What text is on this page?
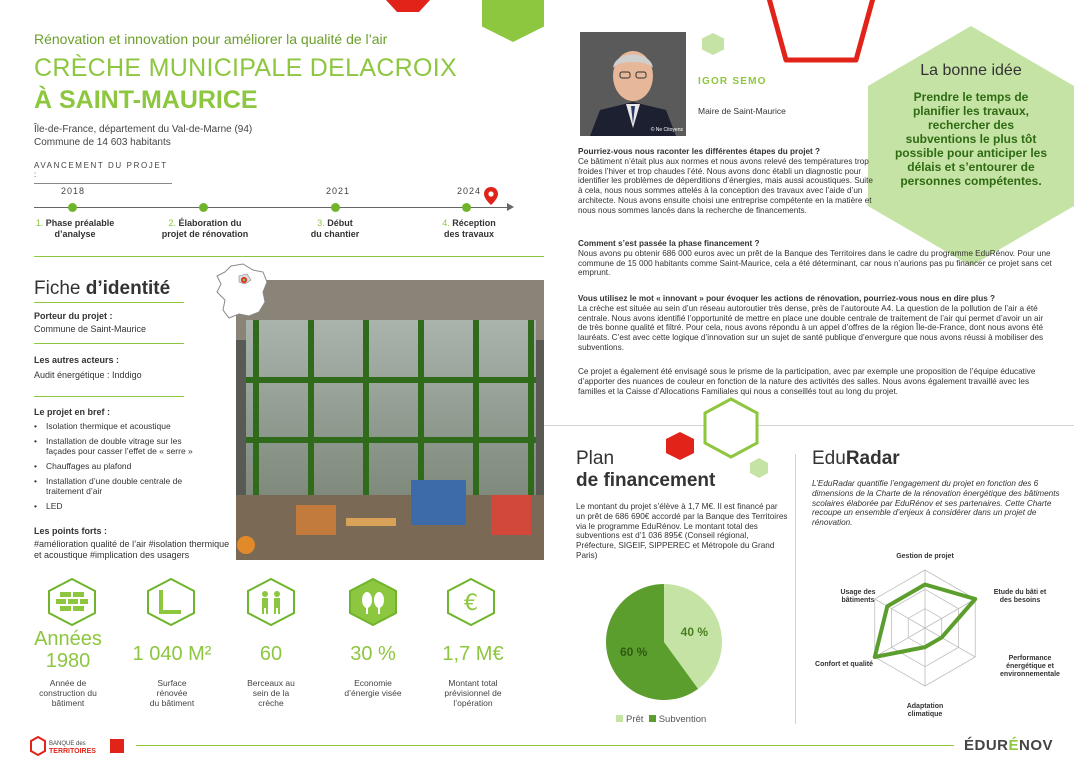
Rénovation et innovation pour améliorer la qualité de l’air
CRÈCHE MUNICIPALE DELACROIX
À SAINT-MAURICE
Île-de-France, département du Val-de-Marne (94)
Commune de 14 603 habitants
AVANCEMENT DU PROJET :
2018	2021	2024
1. Phase préalable
d’analyse
2. Élaboration du
projet de rénovation
3. Début
du chantier
4. Réception
des travaux
Fiche d’identité
Porteur du projet :
Commune de Saint-Maurice
Les autres acteurs :
Audit énergétique : Inddigo
Le projet en bref :
• Isolation thermique et acoustique
• Installation de double vitrage sur les façades pour casser l’effet de « serre »
• Chauffages au plafond
• Installation d’une double centrale de traitement d’air
• LED
Les points forts :
#amélioration qualité de l’air #isolation thermique et acoustique #implication des usagers
€
Années
1980
Année de
construction du
bâtiment
1 040 M²
Surface
rénovée
du bâtiment
60
Berceaux au
sein de la
crèche
30 %
Economie
d’énergie visée
1,7 M€
Montant total
prévisionnel de
l’opération
© Ne Citoyens
IGOR SEMO
Maire de Saint-Maurice
La bonne idée
Prendre le temps de planifier les travaux, rechercher des subventions le plus tôt possible pour anticiper les délais et s’entourer de personnes compétentes.
Pourriez-vous nous raconter les différentes étapes du projet ?
Ce bâtiment n’était plus aux normes et nous avons relevé des températures trop froides l’hiver et trop chaudes l’été. Nous avons donc établi un diagnostic pour identifier les problèmes de déperditions d’énergies, mais aussi acoustiques. Suite à cela, nous nous sommes attelés à la conception des travaux avec l’aide d’un architecte. Nous avons ensuite choisi une entreprise compétente en la matière et nous nous sommes lancés dans la recherche de financements.
Comment s’est passée la phase financement ?
Nous avons pu obtenir 686 000 euros avec un prêt de la Banque des Territoires dans le cadre du programme EduRénov. Pour une commune de 15 000 habitants comme Saint-Maurice, cela a été déterminant, car nous n’aurions pas pu financer ce projet sans cet emprunt.
Vous utilisez le mot « innovant » pour évoquer les actions de rénovation, pourriez-vous nous en dire plus ?
La crèche est située au sein d’un réseau autoroutier très dense, près de l’autoroute A4. La question de la pollution de l’air a été centrale. Nous avons identifié l’opportunité de mettre en place une double centrale de traitement de l’air qui permet d’avoir un air de très bonne qualité et filtré. Pour cela, nous avons répondu à un appel d’offres de la région Île-de-France, dont nous avons été lauréats. C’est avec cette logique d’innovation sur un sujet de santé publique d’envergure que nous avons réussi à mobiliser des subventions.
Ce projet a également été envisagé sous le prisme de la participation, avec par exemple une proposition de l’équipe éducative d’apporter des nuances de couleur en fonction de la nature des activités des salles. Nous avons également travaillé avec les familles et la Caisse d’Allocations Familiales qui nous a conseillés tout au long du projet.
Plan
de financement
Le montant du projet s’élève à 1,7 M€. Il est financé par un prêt de 686 690€ accordé par la Banque des Territoires via le programme EduRénov. Le montant total des subventions est d’1 036 895€ (Conseil régional, Préfecture, SIGEIF, SIPPEREC et Métropole du Grand Paris)
40 %
60 %
Prêt Subvention
EduRadar
L’EduRadar quantifie l’engagement du projet en fonction des 6 dimensions de la Charte de la rénovation énergétique des bâtiments scolaires élaborée par EduRénov et ses partenaires. Cette Charte recoupe un ensemble d’enjeux à considérer dans un projet de rénovation.
Gestion de projet
Etude du bâti et des besoins
Performance énergétique et environnementale
Adaptation climatique
Confort et qualité
Usage des bâtiments
BANQUE des
TERRITOIRES	ÉDURÉNOV
